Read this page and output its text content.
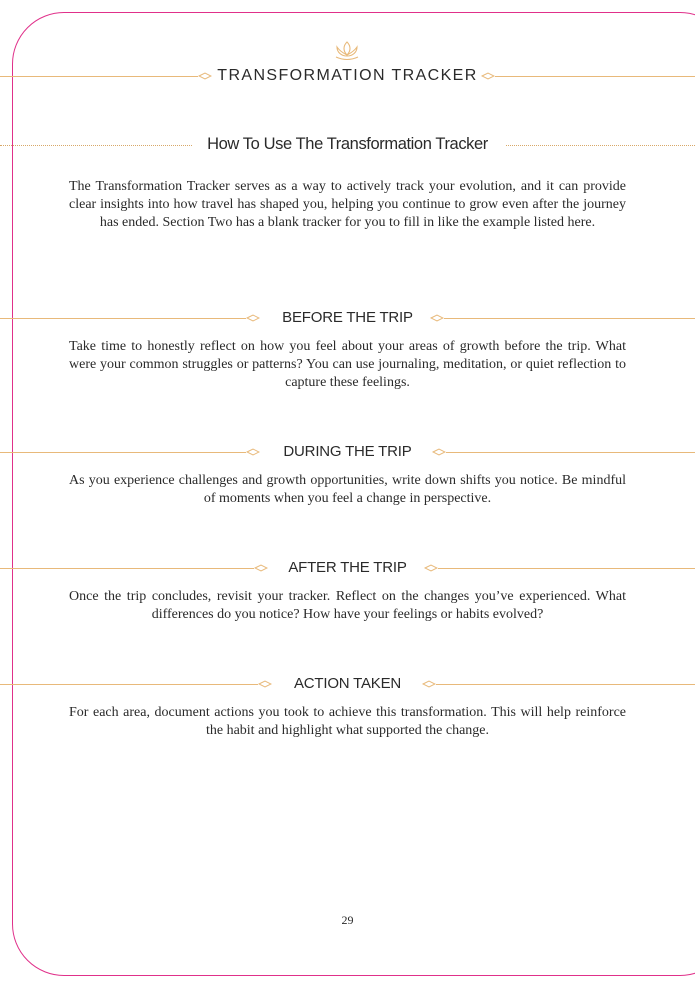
TRANSFORMATION TRACKER
How To Use The Transformation Tracker

The Transformation Tracker serves as a way to actively track your evolution, and it can provide clear insights into how travel has shaped you, helping you continue to grow even after the journey has ended. Section Two has a blank tracker for you to fill in like the example listed here.

BEFORE THE TRIP

Take time to honestly reflect on how you feel about your areas of growth before the trip. What were your common struggles or patterns? You can use journaling, meditation, or quiet reflection to capture these feelings.

DURING THE TRIP

As you experience challenges and growth opportunities, write down shifts you notice. Be mindful of moments when you feel a change in perspective.

AFTER THE TRIP

Once the trip concludes, revisit your tracker. Reflect on the changes you’ve experienced. What differences do you notice? How have your feelings or habits evolved?

ACTION TAKEN

For each area, document actions you took to achieve this transformation. This will help reinforce the habit and highlight what supported the change.

29
